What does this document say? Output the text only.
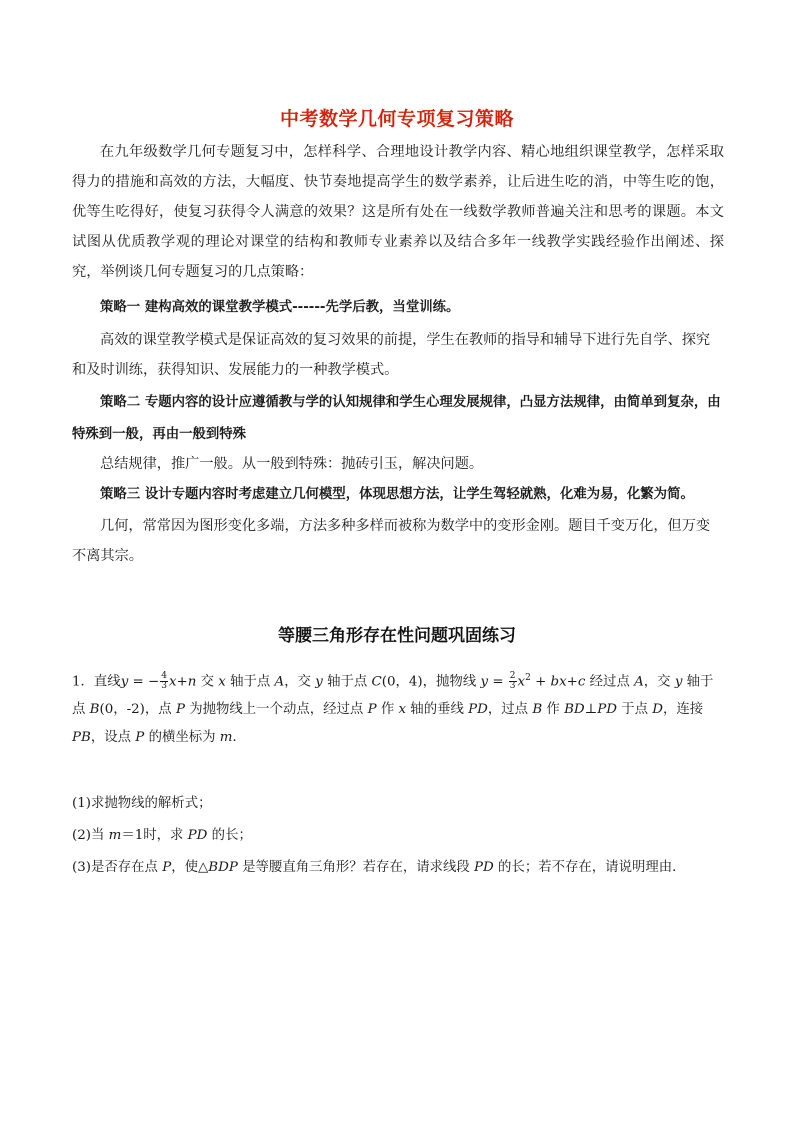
中考数学几何专项复习策略
在九年级数学几何专题复习中，怎样科学、合理地设计教学内容、精心地组织课堂教学，怎样采取得力的措施和高效的方法，大幅度、快节奏地提高学生的数学素养，让后进生吃的消，中等生吃的饱，优等生吃得好，使复习获得令人满意的效果？这是所有处在一线数学教师普遍关注和思考的课题。本文试图从优质教学观的理论对课堂的结构和教师专业素养以及结合多年一线教学实践经验作出阐述、探究，举例谈几何专题复习的几点策略：
策略一 建构高效的课堂教学模式------先学后教，当堂训练。
高效的课堂教学模式是保证高效的复习效果的前提，学生在教师的指导和辅导下进行先自学、探究和及时训练，获得知识、发展能力的一种教学模式。
策略二 专题内容的设计应遵循教与学的认知规律和学生心理发展规律，凸显方法规律，由简单到复杂，由特殊到一般，再由一般到特殊
总结规律，推广一般。从一般到特殊：抛砖引玉，解决问题。
策略三 设计专题内容时考虑建立几何模型，体现思想方法，让学生驾轻就熟，化难为易，化繁为简。
几何，常常因为图形变化多端，方法多种多样而被称为数学中的变形金刚。题目千变万化，但万变不离其宗。
等腰三角形存在性问题巩固练习
1．直线y = − $\frac{4}{3} x+n$ 交 x 轴于点 A，交 y 轴于点 C(0，4)，抛物线 $y = \frac{2}{3} x^2 + bx+c$ 经过点 A，交 y 轴于点 B(0，-2)，点 P 为抛物线上一个动点，经过点 P 作 x 轴的垂线 PD，过点 B 作 BD⊥PD 于点 D，连接 PB，设点 P 的横坐标为 m．
(1)求抛物线的解析式；
(2)当 m＝1时，求 PD 的长；
(3)是否存在点 P，使△BDP 是等腰直角三角形？若存在，请求线段 PD 的长；若不存在，请说明理由．
